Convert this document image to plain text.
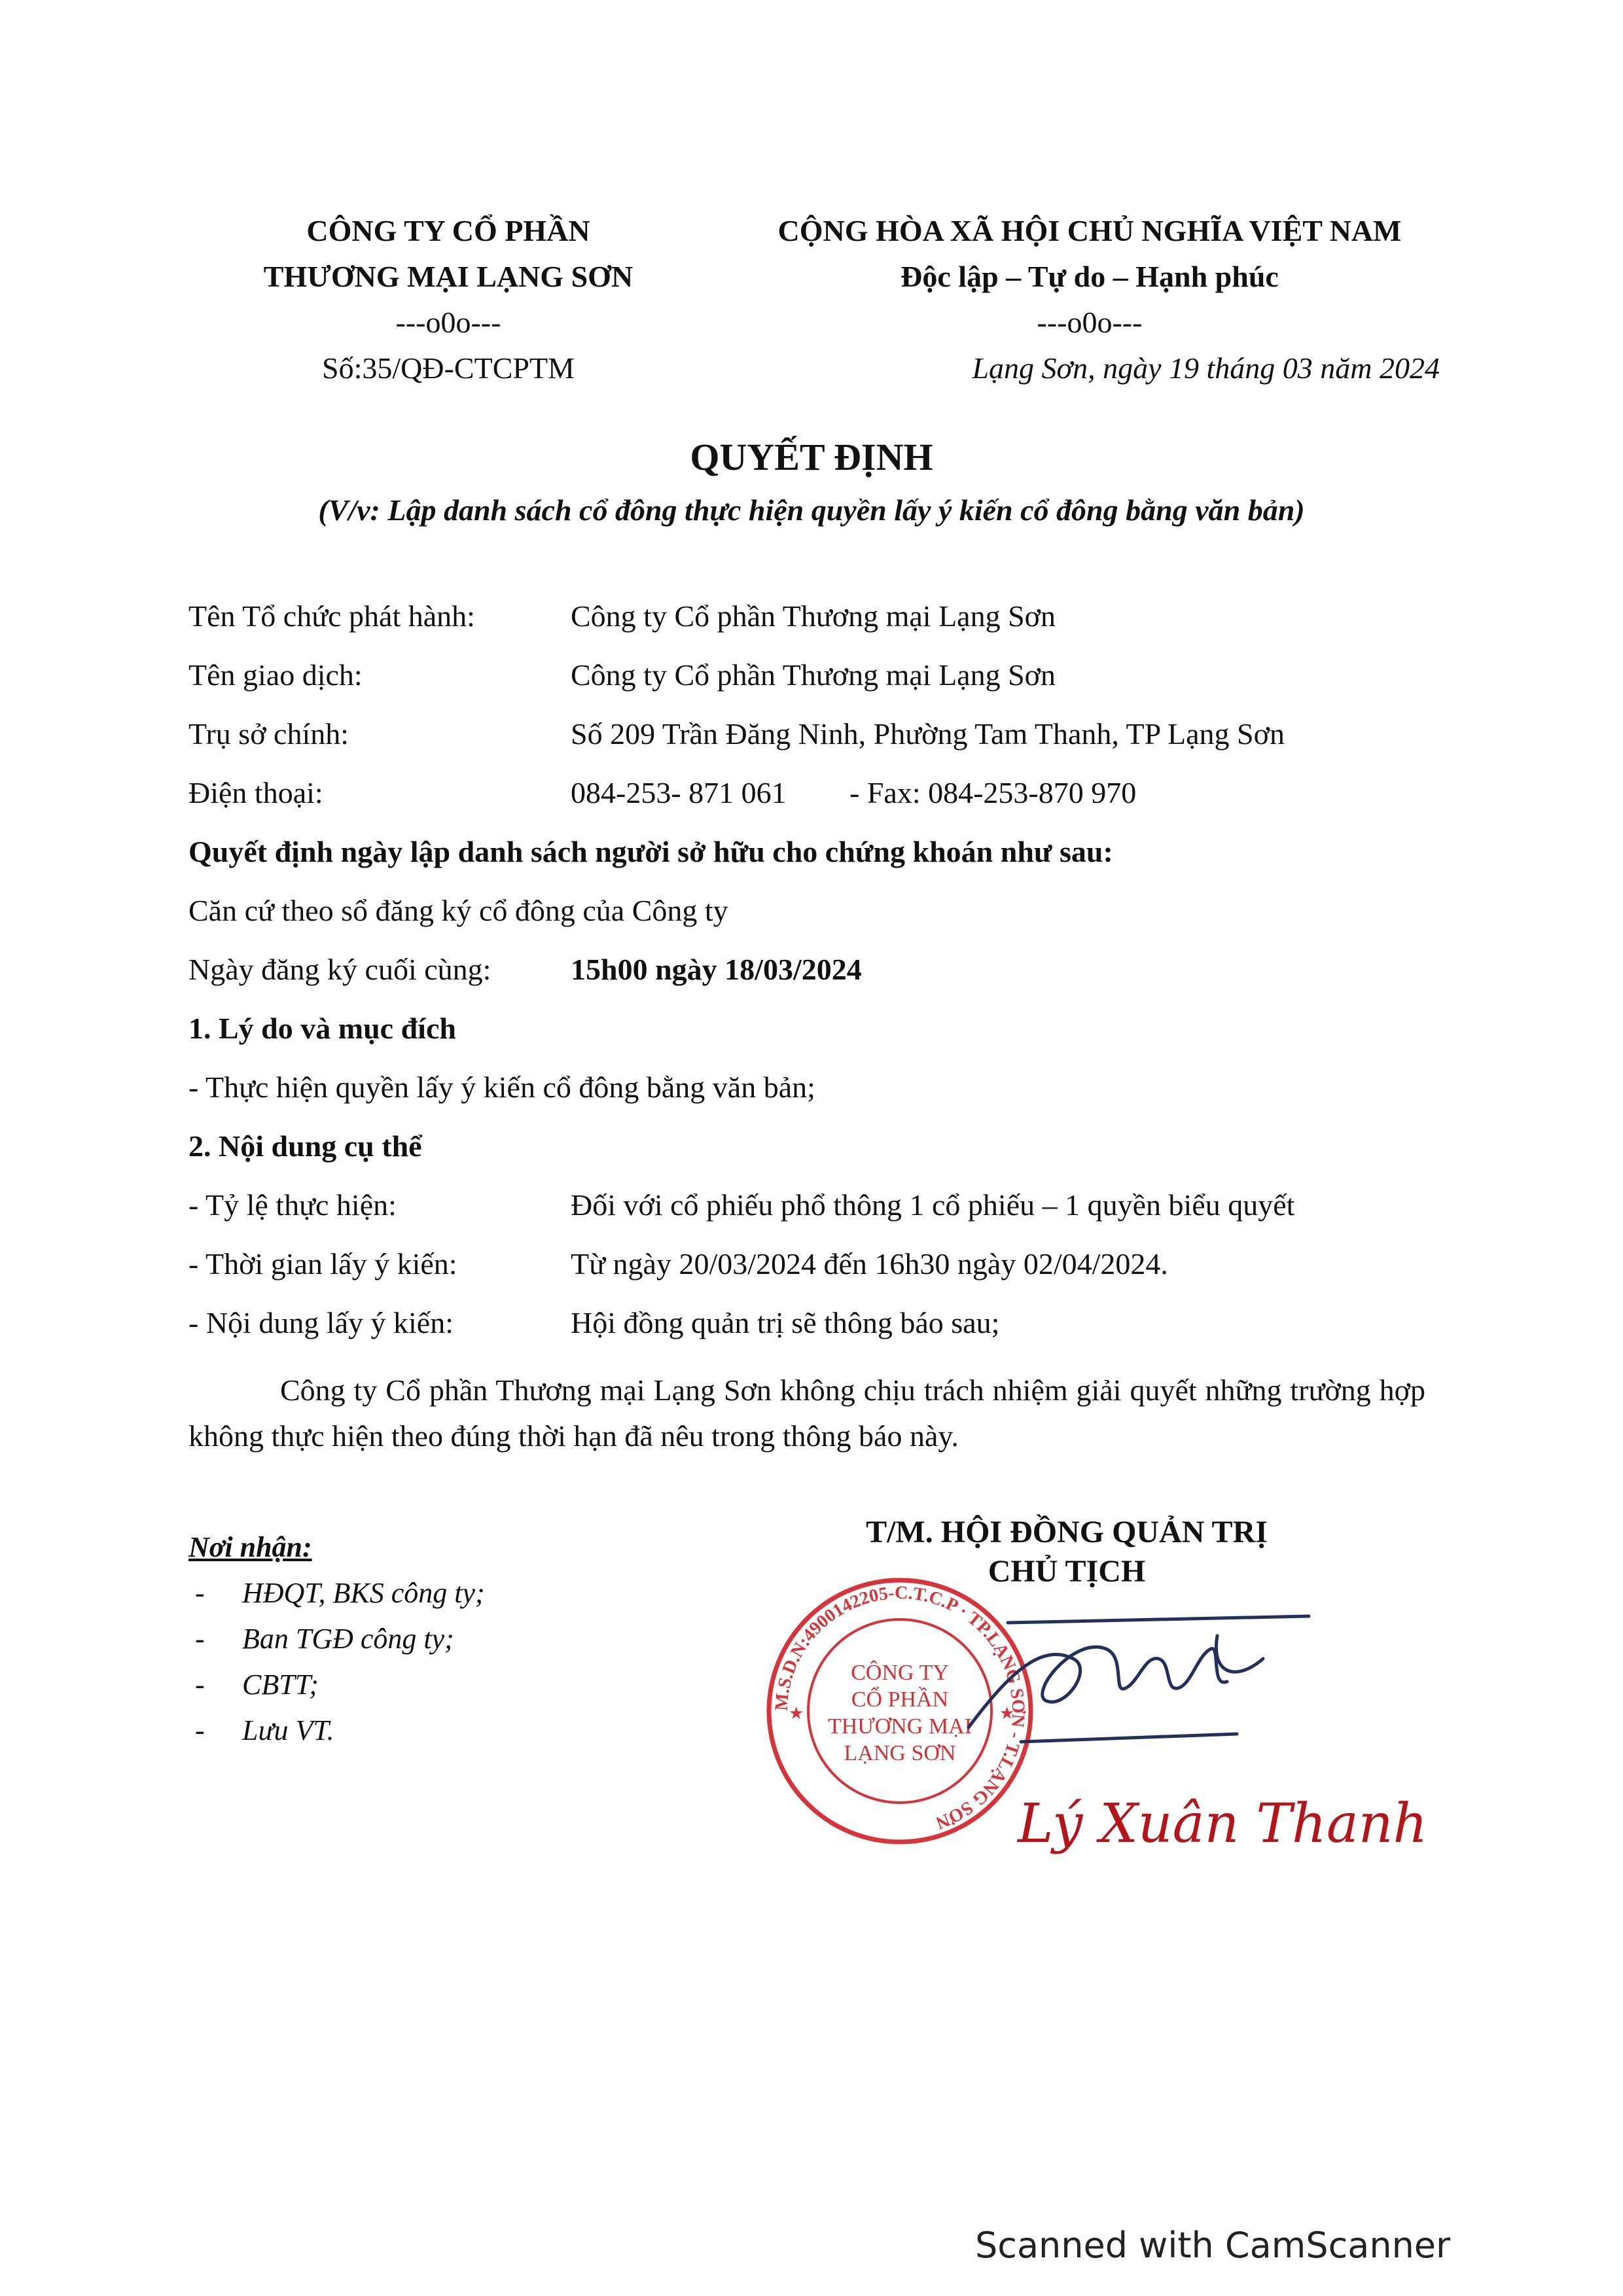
CÔNG TY CỔ PHẦN
THƯƠNG MẠI LẠNG SƠN
---o0o---
Số:35/QĐ-CTCPTM
CỘNG HÒA XÃ HỘI CHỦ NGHĨA VIỆT NAM
Độc lập – Tự do – Hạnh phúc
---o0o---
Lạng Sơn, ngày 19 tháng 03 năm 2024
QUYẾT ĐỊNH
(V/v: Lập danh sách cổ đông thực hiện quyền lấy ý kiến cổ đông bằng văn bản)
Tên Tổ chức phát hành:	Công ty Cổ phần Thương mại Lạng Sơn
Tên giao dịch:	Công ty Cổ phần Thương mại Lạng Sơn
Trụ sở chính:	Số 209 Trần Đăng Ninh, Phường Tam Thanh, TP Lạng Sơn
Điện thoại:	084-253- 871 061 - Fax: 084-253-870 970
Quyết định ngày lập danh sách người sở hữu cho chứng khoán như sau:
Căn cứ theo sổ đăng ký cổ đông của Công ty
Ngày đăng ký cuối cùng:	15h00 ngày 18/03/2024
1. Lý do và mục đích
- Thực hiện quyền lấy ý kiến cổ đông bằng văn bản;
2. Nội dung cụ thể
- Tỷ lệ thực hiện:	Đối với cổ phiếu phổ thông 1 cổ phiếu – 1 quyền biểu quyết
- Thời gian lấy ý kiến:	Từ ngày 20/03/2024 đến 16h30 ngày 02/04/2024.
- Nội dung lấy ý kiến:	Hội đồng quản trị sẽ thông báo sau;
Công ty Cổ phần Thương mại Lạng Sơn không chịu trách nhiệm giải quyết những trường hợp không thực hiện theo đúng thời hạn đã nêu trong thông báo này.
Nơi nhận:
-	HĐQT, BKS công ty;
-	Ban TGĐ công ty;
-	CBTT;
-	Lưu VT.
T/M. HỘI ĐỒNG QUẢN TRỊ
CHỦ TỊCH
M.S.D.N:4900142205-C.T.C.P · TP.LẠNG SƠN - T.LẠNG SƠN
CÔNG TY
CỔ PHẦN
THƯƠNG MẠI
LẠNG SƠN
★	★
Lý Xuân Thanh
Scanned with CamScanner
